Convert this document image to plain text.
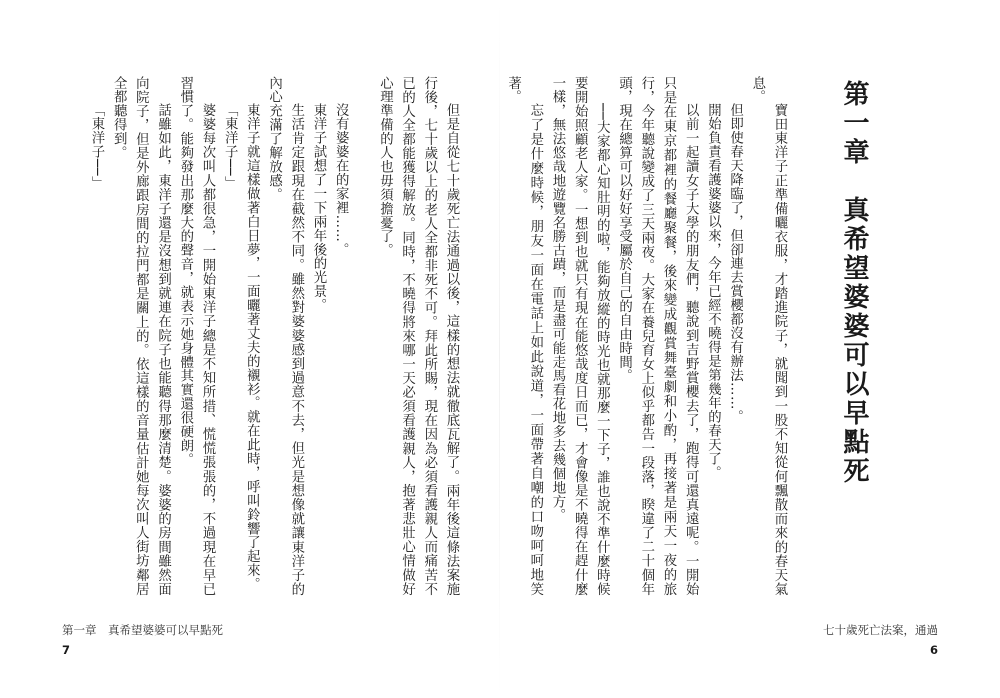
但是自從七十歲死亡法通過以後，這樣的想法就徹底瓦解了。兩年後這條法案施行後，七十歲以上的老人全都非死不可。拜此所賜，現在因為必須看護親人而痛苦不已的人全都能獲得解放。同時，不曉得將來哪一天必須看護親人，抱著悲壯心情做好心理準備的人也毋須擔憂了。

沒有婆婆在的家裡……。

東洋子試想了一下兩年後的光景。

生活肯定跟現在截然不同。雖然對婆婆感到過意不去，但光是想像就讓東洋子的內心充滿了解放感。

東洋子就這樣做著白日夢，一面曬著丈夫的襯衫。就在此時，呼叫鈴響了起來。

「東洋子──」

婆婆每次叫人都很急，一開始東洋子總是不知所措、慌慌張張的，不過現在早已習慣了。能夠發出那麼大的聲音，就表示她身體其實還很硬朗。

話雖如此，東洋子還是沒想到就連在院子也能聽得那麼清楚。婆婆的房間雖然面向院子，但是外廊跟房間的拉門都是關上的。依這樣的音量估計她每次叫人街坊鄰居全都聽得到。

「東洋子──」

第一章　真希望婆婆可以早點死
7
第一章　真希望婆婆可以早點死

寶田東洋子正準備曬衣服，才踏進院子，就聞到一股不知從何飄散而來的春天氣息。

但即使春天降臨了，但卻連去賞櫻都沒有辦法……。

開始負責看護婆婆以來，今年已經不曉得是第幾年的春天了。

以前一起讀女子大學的朋友們，聽說到吉野賞櫻去了，跑得可還真遠呢。一開始只是在東京都裡的餐廳聚餐，後來變成觀賞舞臺劇和小酌，再接著是兩天一夜的旅行，今年聽說變成了三天兩夜。大家在養兒育女上似乎都告一段落，睽違了二十個年頭，現在總算可以好好享受屬於自己的自由時間。

──大家都心知肚明的啦，能夠放縱的時光也就那麼一下子，誰也說不準什麼時候要開始照顧老人家。一想到也就只有現在能悠哉度日而已，才會像是不曉得在趕什麼一樣，無法悠哉地遊覽名勝古蹟，而是盡可能走馬看花地多去幾個地方。

忘了是什麼時候，朋友一面在電話上如此說道，一面帶著自嘲的口吻呵呵地笑著。

七十歲死亡法案，通過
6
